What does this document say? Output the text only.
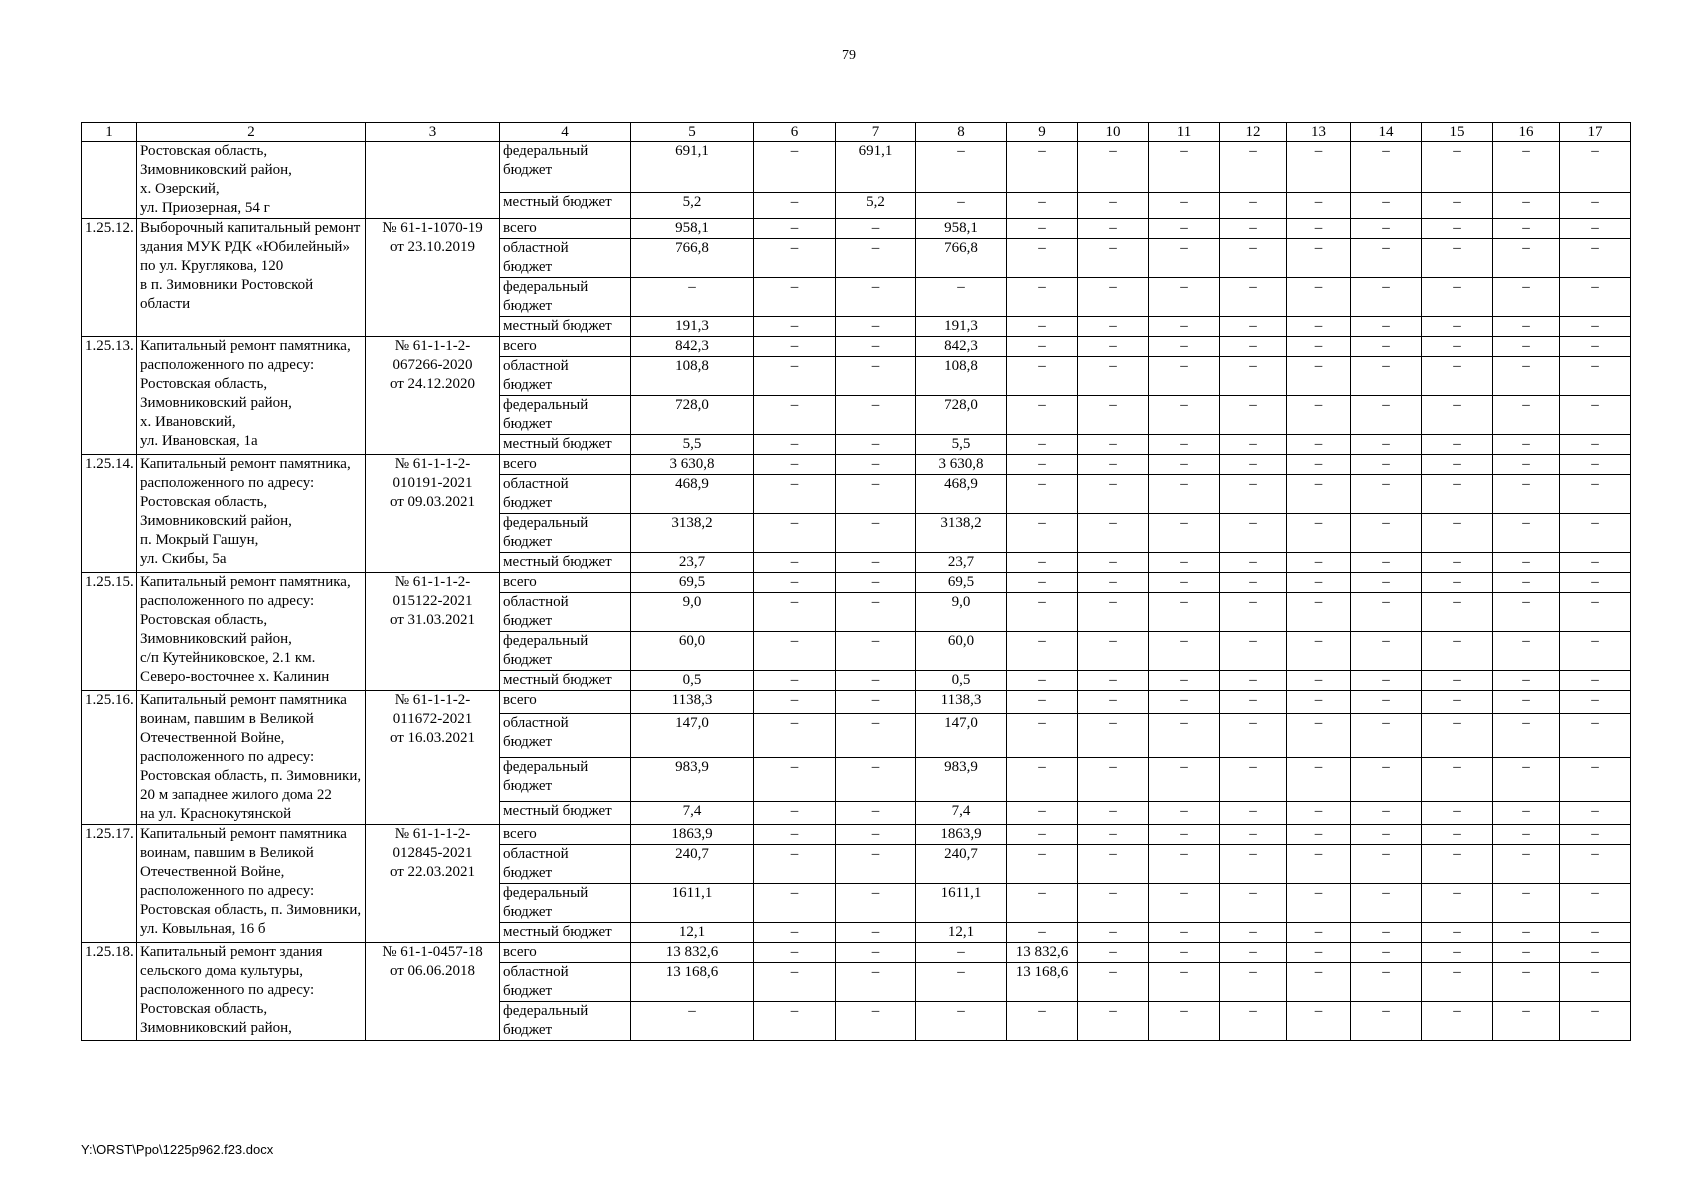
79
1	2	3	4	5	6	7	8	9	10	11	12	13	14	15	16	17
	Ростовская область,
Зимовниковский район,
х. Озерский,
ул. Приозерная, 54 г		федеральный
бюджет	691,1	–	691,1	–	–	–	–	–	–	–	–	–	–
			местный бюджет	5,2	–	5,2	–	–	–	–	–	–	–	–	–	–
1.25.12.	Выборочный капитальный ремонт здания МУК РДК «Юбилейный»
по ул. Круглякова, 120
в п. Зимовники Ростовской области	№ 61-1-1070-19
от 23.10.2019	всего	958,1	–	–	958,1	–	–	–	–	–	–	–	–	–
			областной
бюджет	766,8	–	–	766,8	–	–	–	–	–	–	–	–	–
			федеральный
бюджет	–	–	–	–	–	–	–	–	–	–	–	–	–
			местный бюджет	191,3	–	–	191,3	–	–	–	–	–	–	–	–	–
1.25.13.	Капитальный ремонт памятника, расположенного по адресу:
Ростовская область,
Зимовниковский район,
х. Ивановский,
ул. Ивановская, 1а	№ 61-1-1-2-
067266-2020
от 24.12.2020	всего	842,3	–	–	842,3	–	–	–	–	–	–	–	–	–
			областной
бюджет	108,8	–	–	108,8	–	–	–	–	–	–	–	–	–
			федеральный
бюджет	728,0	–	–	728,0	–	–	–	–	–	–	–	–	–
			местный бюджет	5,5	–	–	5,5	–	–	–	–	–	–	–	–	–
1.25.14.	Капитальный ремонт памятника, расположенного по адресу:
Ростовская область,
Зимовниковский район,
п. Мокрый Гашун,
ул. Скибы, 5а	№ 61-1-1-2-
010191-2021
от 09.03.2021	всего	3 630,8	–	–	3 630,8	–	–	–	–	–	–	–	–	–
			областной
бюджет	468,9	–	–	468,9	–	–	–	–	–	–	–	–	–
			федеральный
бюджет	3138,2	–	–	3138,2	–	–	–	–	–	–	–	–	–
			местный бюджет	23,7	–	–	23,7	–	–	–	–	–	–	–	–	–
1.25.15.	Капитальный ремонт памятника, расположенного по адресу:
Ростовская область,
Зимовниковский район,
с/п Кутейниковское, 2.1 км. Северо-восточнее х. Калинин	№ 61-1-1-2-
015122-2021
от 31.03.2021	всего	69,5	–	–	69,5	–	–	–	–	–	–	–	–	–
			областной
бюджет	9,0	–	–	9,0	–	–	–	–	–	–	–	–	–
			федеральный
бюджет	60,0	–	–	60,0	–	–	–	–	–	–	–	–	–
			местный бюджет	0,5	–	–	0,5	–	–	–	–	–	–	–	–	–
1.25.16.	Капитальный ремонт памятника воинам, павшим в Великой Отечественной Войне, расположенного по адресу: Ростовская область, п. Зимовники, 20 м западнее жилого дома 22
на ул. Краснокутянской	№ 61-1-1-2-
011672-2021
от 16.03.2021	всего	1138,3	–	–	1138,3	–	–	–	–	–	–	–	–	–
			областной
бюджет	147,0	–	–	147,0	–	–	–	–	–	–	–	–	–
			федеральный
бюджет	983,9	–	–	983,9	–	–	–	–	–	–	–	–	–
			местный бюджет	7,4	–	–	7,4	–	–	–	–	–	–	–	–	–
1.25.17.	Капитальный ремонт памятника воинам, павшим в Великой Отечественной Войне, расположенного по адресу: Ростовская область, п. Зимовники,
ул. Ковыльная, 16 б	№ 61-1-1-2-
012845-2021
от 22.03.2021	всего	1863,9	–	–	1863,9	–	–	–	–	–	–	–	–	–
			областной
бюджет	240,7	–	–	240,7	–	–	–	–	–	–	–	–	–
			федеральный
бюджет	1611,1	–	–	1611,1	–	–	–	–	–	–	–	–	–
			местный бюджет	12,1	–	–	12,1	–	–	–	–	–	–	–	–	–
1.25.18.	Капитальный ремонт здания сельского дома культуры, расположенного по адресу:
Ростовская область,
Зимовниковский район,	№ 61-1-0457-18
от 06.06.2018	всего	13 832,6	–	–	–	13 832,6	–	–	–	–	–	–	–	–
			областной
бюджет	13 168,6	–	–	–	13 168,6	–	–	–	–	–	–	–	–
			федеральный
бюджет	–	–	–	–	–	–	–	–	–	–	–	–	–
Y:\ORST\Ppo\1225p962.f23.docx
